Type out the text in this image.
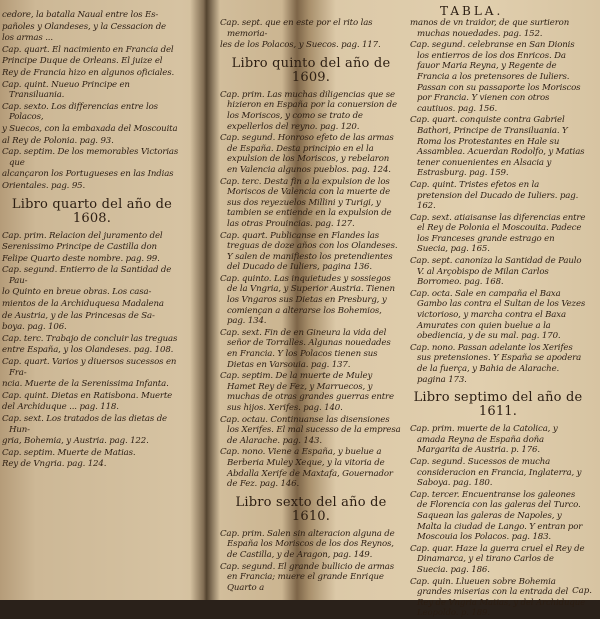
TABLA.
cedore, la batalla Naual entre los Es-
pañoles y Olandeses, y la Cessacion de
los armas ...
Cap. quart. El nacimiento en Francia del
Principe Duque de Orleans. El juize el
Rey de Francia hizo en algunos oficiales.
Cap. quint. Nueuo Principe en Transiluania.
Cap. sexto. Los differencias entre los Polacos,
y Suecos, con la embaxada del Moscouita
al Rey de Polonia. pag. 93.
Cap. septim. De los memorables Victorias que
alcançaron los Portugueses en las Indias
Orientales. pag. 95.
Libro quarto del año de 1608.
Cap. prim. Relacion del juramento del
Serenissimo Principe de Castilla don
Felipe Quarto deste nombre. pag. 99.
Cap. segund. Entierro de la Santidad de Pau-
lo Quinto en breue obras. Los casa-
mientos de la Archiduquesa Madalena
de Austria, y de las Princesas de Sa-
boya. pag. 106.
Cap. terc. Trabajo de concluir las treguas
entre España, y los Olandeses. pag. 108.
Cap. quart. Varios y diuersos sucessos en Fra-
ncia. Muerte de la Serenissima Infanta.
Cap. quint. Dietas en Ratisbona. Muerte
del Archiduque ... pag. 118.
Cap. sext. Los tratados de las dietas de Hun-
gria, Bohemia, y Austria. pag. 122.
Cap. septim. Muerte de Matias.
Rey de Vngria. pag. 124.
Cap. sept. que en este por el rito las memoria-
les de los Polacos, y Suecos. pag. 117.
Libro quinto del año de 1609.
Cap. prim. Las muchas diligencias que se hizieron en España por la conuersion de los Moriscos, y como se trato de expellerlos del reyno. pag. 120.
Cap. segund. Honroso efeto de las armas de España. Desta principio en el la expulsion de los Moriscos, y rebelaron en Valencia algunos pueblos. pag. 124.
Cap. terc. Desta fin a la expulsion de los Moriscos de Valencia con la muerte de sus dos reyezuelos Millini y Turigi, y tambien se entiende en la expulsion de las otras Prouincias. pag. 127.
Cap. quart. Publicanse en Flandes las treguas de doze años con los Olandeses. Y salen de manifiesto los pretendientes del Ducado de Iuliers, pagina 136.
Cap. quinto. Las inquietudes y sossiegos de la Vngria, y Superior Austria. Tienen los Vngaros sus Dietas en Presburg, y comiençan a alterarse los Bohemios, pag. 134.
Cap. sext. Fin de en Gineura la vida del señor de Torralles. Algunas nouedades en Francia. Y los Polacos tienen sus Dietas en Varsouia. pag. 137.
Cap. septim. De la muerte de Muley Hamet Rey de Fez, y Marruecos, y muchas de otras grandes guerras entre sus hijos. Xerifes. pag. 140.
Cap. octau. Continuanse las disensiones los Xerifes. El mal sucesso de la empresa de Alarache. pag. 143.
Cap. nono. Viene a España, y buelue a Berberia Muley Xeque, y la vitoria de Abdalla Xerife de Maxtafa, Gouernador de Fez. pag. 146.
Libro sexto del año de 1610.
Cap. prim. Salen sin alteracion alguna de España los Moriscos de los dos Reynos, de Castilla, y de Aragon, pag. 149.
Cap. segund. El grande bullicio de armas en Francia; muere el grande Enrique Quarto a
manos de vn traidor, de que surtieron muchas nouedades. pag. 152.
Cap. segund. celebranse en San Dionis los entierros de los dos Enricos. Da fauor Maria Reyna, y Regente de Francia a los pretensores de Iuliers. Passan con su passaporte los Moriscos por Francia. Y vienen con otros cautiuos. pag. 156.
Cap. quart. conquiste contra Gabriel Bathori, Principe de Transiluania. Y Roma los Protestantes en Hale su Assamblea. Acuerdan Rodolfo, y Matias tener conuenientes en Alsacia y Estrasburg. pag. 159.
Cap. quint. Tristes efetos en la pretension del Ducado de Iuliers. pag. 162.
Cap. sext. atiaisanse las diferencias entre el Rey de Polonia el Moscouita. Padece los Franceses grande estrago en Suecia, pag. 165.
Cap. sept. canoniza la Santidad de Paulo V. al Arçobispo de Milan Carlos Borromeo. pag. 168.
Cap. octa. Sale en campaña el Baxa Gambo las contra el Sultan de los Vezes victorioso, y marcha contra el Baxa Amurates con quien buelue a la obediencia, y de su mal. pag. 170.
Cap. nono. Passan adelante los Xerifes sus pretensiones. Y España se apodera de la fuerça, y Bahia de Alarache. pagina 173.
Libro septimo del año de 1611.
Cap. prim. muerte de la Catolica, y amada Reyna de España doña Margarita de Austria. p. 176.
Cap. segund. Sucessos de mucha consideracion en Francia, Inglaterra, y Saboya. pag. 180.
Cap. tercer. Encuentranse los galeones de Florencia con las galeras del Turco. Saquean las galeras de Napoles, y Malta la ciudad de Lango. Y entran por Moscouia los Polacos. pag. 183.
Cap. quar. Haze la guerra cruel el Rey de Dinamarca, y el tirano Carlos de Suecia. pag. 186.
Cap. quin. Llueuen sobre Bohemia grandes miserias con la entrada del Rey de Vngria Matias, y del Archiduque Leopoldo. p. 189.
Cap.
